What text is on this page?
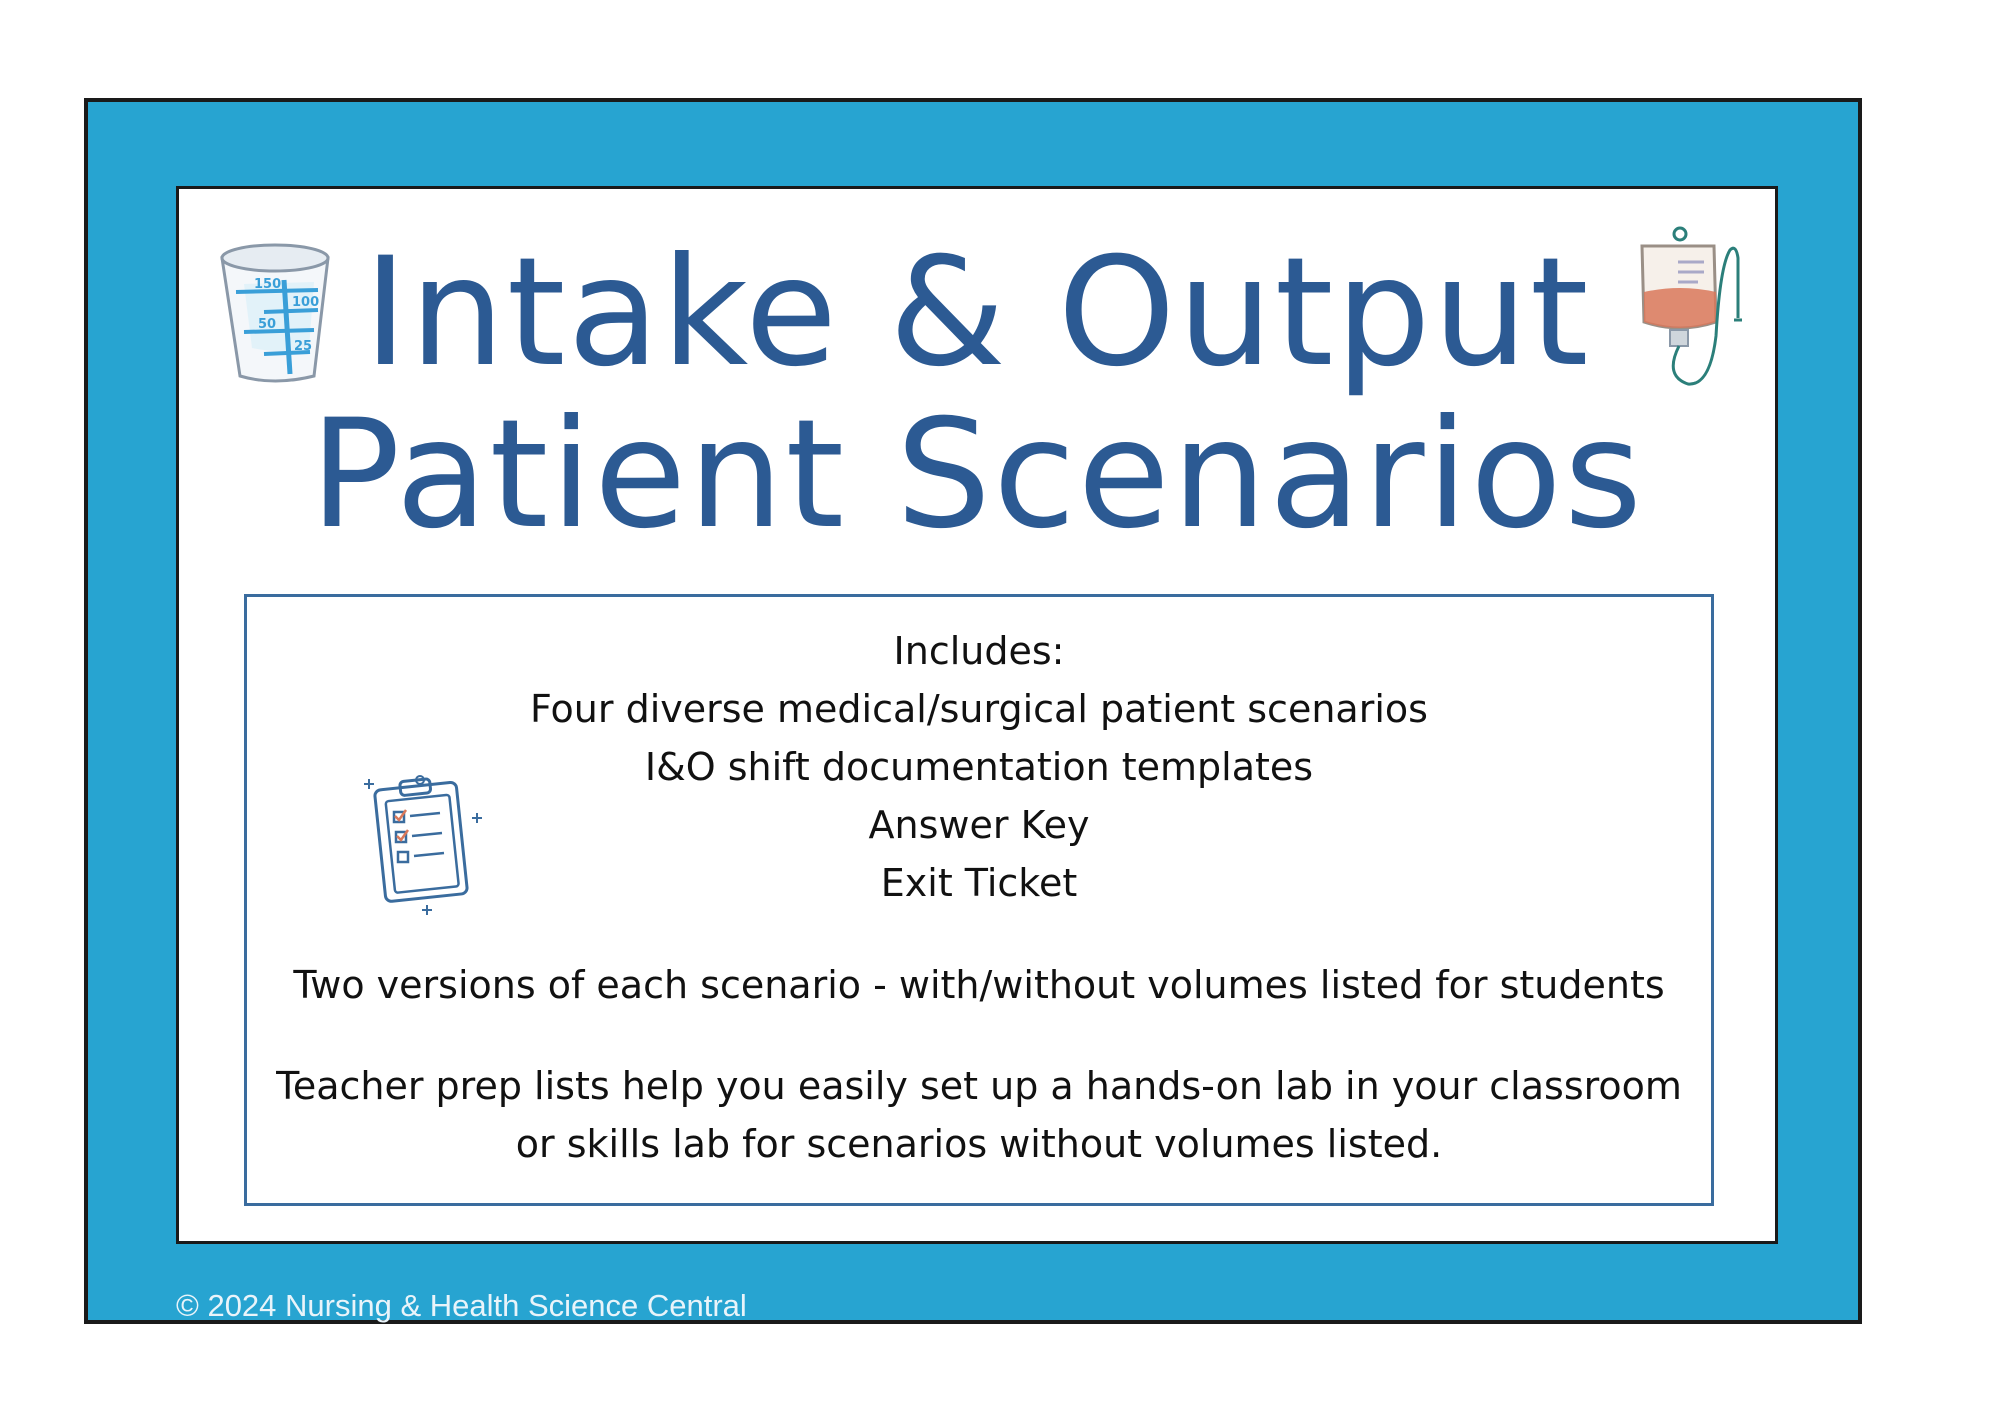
150
100
50
25 Intake & Output
Patient Scenarios
Includes:
Four diverse medical/surgical patient scenarios
I&O shift documentation templates
Answer Key
Exit Ticket
Two versions of each scenario - with/without volumes listed for students
Teacher prep lists help you easily set up a hands-on lab in your classroom
or skills lab for scenarios without volumes listed.
© 2024 Nursing & Health Science Central
